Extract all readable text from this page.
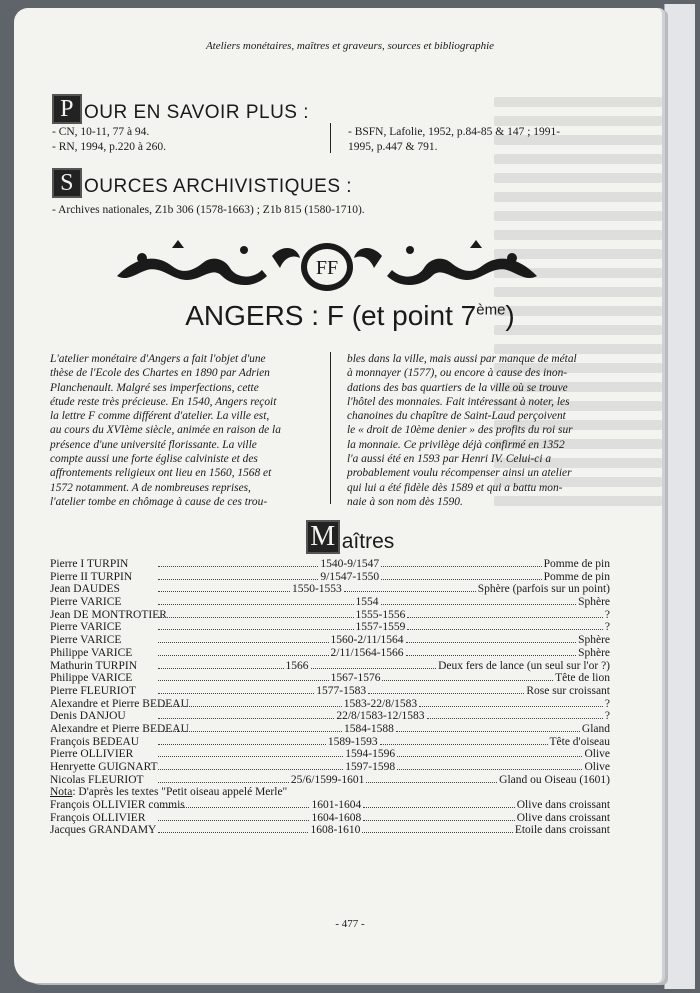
Ateliers monétaires, maîtres et graveurs, sources et bibliographie
P OUR EN SAVOIR PLUS :
- CN, 10-11, 77 à 94.
- RN, 1994, p.220 à 260.
- BSFN, Lafolie, 1952, p.84-85 & 147 ; 1991-
1995, p.447 & 791.
S OURCES ARCHIVISTIQUES :
- Archives nationales, Z1b 306 (1578-1663) ; Z1b 815 (1580-1710).
FF
ANGERS : F (et point 7ème)

L'atelier monétaire d'Angers a fait l'objet d'une

thèse de l'Ecole des Chartes en 1890 par Adrien

Planchenault. Malgré ses imperfections, cette

étude reste très précieuse. En 1540, Angers reçoit

la lettre F comme différent d'atelier. La ville est,

au cours du XVIème siècle, animée en raison de la

présence d'une université florissante. La ville

compte aussi une forte église calviniste et des

affrontements religieux ont lieu en 1560, 1568 et

1572 notamment. A de nombreuses reprises,

l'atelier tombe en chômage à cause de ces trou-

bles dans la ville, mais aussi par manque de métal

à monnayer (1577), ou encore à cause des inon-

dations des bas quartiers de la ville où se trouve

l'hôtel des monnaies. Fait intéressant à noter, les

chanoines du chapître de Saint-Laud perçoivent

le « droit de 10ème denier » des profits du roi sur

la monnaie. Ce privilège déjà confirmé en 1352

l'a aussi été en 1593 par Henri IV. Celui-ci a

probablement voulu récompenser ainsi un atelier

qui lui a été fidèle dès 1589 et qui a battu mon-

naie à son nom dès 1590.

M aîtres
Pierre I TURPIN	1540-9/1547	Pomme de pin
Pierre II TURPIN	9/1547-1550	Pomme de pin
Jean DAUDES	1550-1553	Sphère (parfois sur un point)
Pierre VARICE	1554	Sphère
Jean DE MONTROTIER	1555-1556	?
Pierre VARICE	1557-1559	?
Pierre VARICE	1560-2/11/1564	Sphère
Philippe VARICE	2/11/1564-1566	Sphère
Mathurin TURPIN	1566	Deux fers de lance (un seul sur l'or ?)
Philippe VARICE	1567-1576	Tête de lion
Pierre FLEURIOT	1577-1583	Rose sur croissant
Alexandre et Pierre BEDEAU	1583-22/8/1583	?
Denis DANJOU	22/8/1583-12/1583	?
Alexandre et Pierre BEDEAU	1584-1588	Gland
François BEDEAU	1589-1593	Tête d'oiseau
Pierre OLLIVIER	1594-1596	Olive
Henryette GUIGNART	1597-1598	Olive
Nicolas FLEURIOT	25/6/1599-1601	Gland ou Oiseau (1601)
Nota : D'après les textes "Petit oiseau appelé Merle"
François OLLIVIER commis	1601-1604	Olive dans croissant
François OLLIVIER	1604-1608	Olive dans croissant
Jacques GRANDAMY	1608-1610	Etoile dans croissant
- 477 -
